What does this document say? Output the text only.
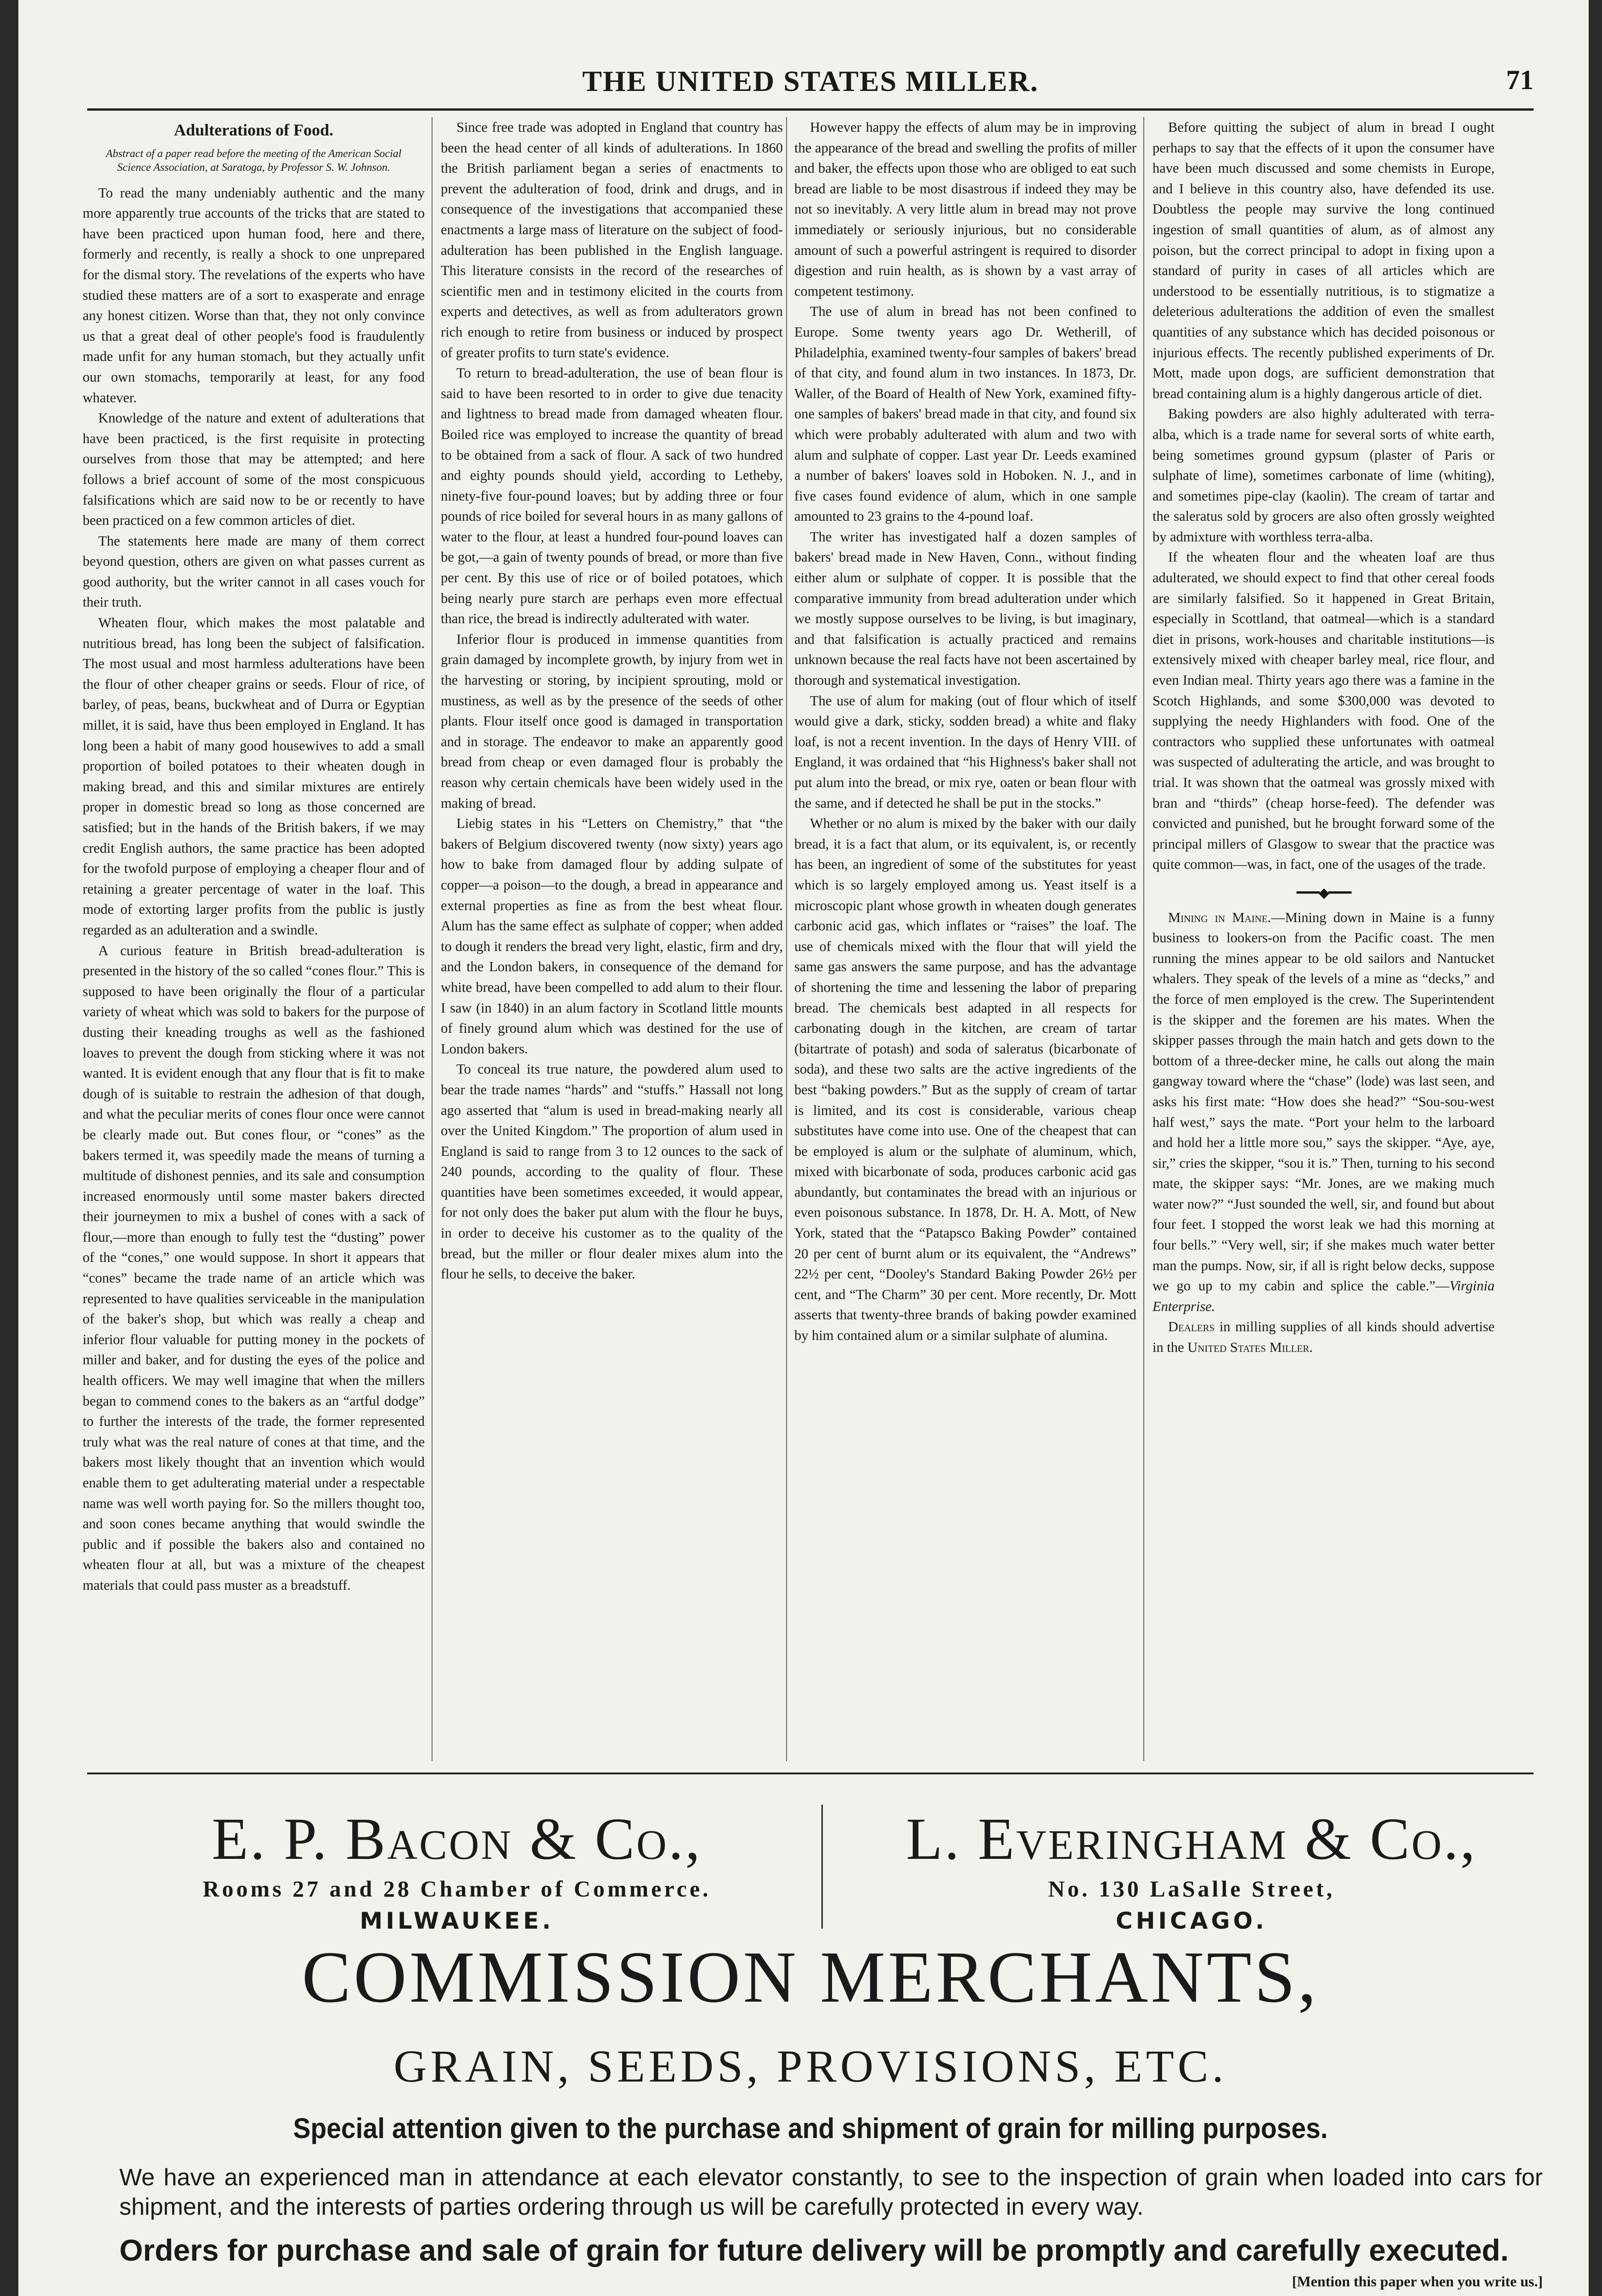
THE UNITED STATES MILLER.	71
Adulterations of Food.
Abstract of a paper read before the meeting of the American Social Science Association, at Saratoga, by Professor S. W. Johnson.

To read the many undeniably authentic and the many more apparently true accounts of the tricks that are stated to have been practiced upon human food, here and there, formerly and recently, is really a shock to one unprepared for the dismal story. The revelations of the experts who have studied these matters are of a sort to exasperate and enrage any honest citizen. Worse than that, they not only convince us that a great deal of other people's food is fraudulently made unfit for any human stomach, but they actually unfit our own stomachs, temporarily at least, for any food whatever.

Knowledge of the nature and extent of adulterations that have been practiced, is the first requisite in protecting ourselves from those that may be attempted; and here follows a brief account of some of the most conspicuous falsifications which are said now to be or recently to have been practiced on a few common articles of diet.

The statements here made are many of them correct beyond question, others are given on what passes current as good authority, but the writer cannot in all cases vouch for their truth.

Wheaten flour, which makes the most palatable and nutritious bread, has long been the subject of falsification. The most usual and most harmless adulterations have been the flour of other cheaper grains or seeds. Flour of rice, of barley, of peas, beans, buckwheat and of Durra or Egyptian millet, it is said, have thus been employed in England. It has long been a habit of many good housewives to add a small proportion of boiled potatoes to their wheaten dough in making bread, and this and similar mixtures are entirely proper in domestic bread so long as those concerned are satisfied; but in the hands of the British bakers, if we may credit English authors, the same practice has been adopted for the twofold purpose of employing a cheaper flour and of retaining a greater percentage of water in the loaf. This mode of extorting larger profits from the public is justly regarded as an adulteration and a swindle.

A curious feature in British bread-adulteration is presented in the history of the so called “cones flour.” This is supposed to have been originally the flour of a particular variety of wheat which was sold to bakers for the purpose of dusting their kneading troughs as well as the fashioned loaves to prevent the dough from sticking where it was not wanted. It is evident enough that any flour that is fit to make dough of is suitable to restrain the adhesion of that dough, and what the peculiar merits of cones flour once were cannot be clearly made out. But cones flour, or “cones” as the bakers termed it, was speedily made the means of turning a multitude of dishonest pennies, and its sale and consumption increased enormously until some master bakers directed their journeymen to mix a bushel of cones with a sack of flour,—more than enough to fully test the “dusting” power of the “cones,” one would suppose. In short it appears that “cones” became the trade name of an article which was represented to have qualities serviceable in the manipulation of the baker's shop, but which was really a cheap and inferior flour valuable for putting money in the pockets of miller and baker, and for dusting the eyes of the police and health officers. We may well imagine that when the millers began to commend cones to the bakers as an “artful dodge” to further the interests of the trade, the former represented truly what was the real nature of cones at that time, and the bakers most likely thought that an invention which would enable them to get adulterating material under a respectable name was well worth paying for. So the millers thought too, and soon cones became anything that would swindle the public and if possible the bakers also and contained no wheaten flour at all, but was a mixture of the cheapest materials that could pass muster as a breadstuff.

Since free trade was adopted in England that country has been the head center of all kinds of adulterations. In 1860 the British parliament began a series of enactments to prevent the adulteration of food, drink and drugs, and in consequence of the investigations that accompanied these enactments a large mass of literature on the subject of food-adulteration has been published in the English language. This literature consists in the record of the researches of scientific men and in testimony elicited in the courts from experts and detectives, as well as from adulterators grown rich enough to retire from business or induced by prospect of greater profits to turn state's evidence.

To return to bread-adulteration, the use of bean flour is said to have been resorted to in order to give due tenacity and lightness to bread made from damaged wheaten flour. Boiled rice was employed to increase the quantity of bread to be obtained from a sack of flour. A sack of two hundred and eighty pounds should yield, according to Letheby, ninety-five four-pound loaves; but by adding three or four pounds of rice boiled for several hours in as many gallons of water to the flour, at least a hundred four-pound loaves can be got,—a gain of twenty pounds of bread, or more than five per cent. By this use of rice or of boiled potatoes, which being nearly pure starch are perhaps even more effectual than rice, the bread is indirectly adulterated with water.

Inferior flour is produced in immense quantities from grain damaged by incomplete growth, by injury from wet in the harvesting or storing, by incipient sprouting, mold or mustiness, as well as by the presence of the seeds of other plants. Flour itself once good is damaged in transportation and in storage. The endeavor to make an apparently good bread from cheap or even damaged flour is probably the reason why certain chemicals have been widely used in the making of bread.

Liebig states in his “Letters on Chemistry,” that “the bakers of Belgium discovered twenty (now sixty) years ago how to bake from damaged flour by adding sulpate of copper—a poison—to the dough, a bread in appearance and external properties as fine as from the best wheat flour. Alum has the same effect as sulphate of copper; when added to dough it renders the bread very light, elastic, firm and dry, and the London bakers, in consequence of the demand for white bread, have been compelled to add alum to their flour. I saw (in 1840) in an alum factory in Scotland little mounts of finely ground alum which was destined for the use of London bakers.

To conceal its true nature, the powdered alum used to bear the trade names “hards” and “stuffs.” Hassall not long ago asserted that “alum is used in bread-making nearly all over the United Kingdom.” The proportion of alum used in England is said to range from 3 to 12 ounces to the sack of 240 pounds, according to the quality of flour. These quantities have been sometimes exceeded, it would appear, for not only does the baker put alum with the flour he buys, in order to deceive his customer as to the quality of the bread, but the miller or flour dealer mixes alum into the flour he sells, to deceive the baker.

However happy the effects of alum may be in improving the appearance of the bread and swelling the profits of miller and baker, the effects upon those who are obliged to eat such bread are liable to be most disastrous if indeed they may be not so inevitably. A very little alum in bread may not prove immediately or seriously injurious, but no considerable amount of such a powerful astringent is required to disorder digestion and ruin health, as is shown by a vast array of competent testimony.

The use of alum in bread has not been confined to Europe. Some twenty years ago Dr. Wetherill, of Philadelphia, examined twenty-four samples of bakers' bread of that city, and found alum in two instances. In 1873, Dr. Waller, of the Board of Health of New York, examined fifty-one samples of bakers' bread made in that city, and found six which were probably adulterated with alum and two with alum and sulphate of copper. Last year Dr. Leeds examined a number of bakers' loaves sold in Hoboken. N. J., and in five cases found evidence of alum, which in one sample amounted to 23 grains to the 4-pound loaf.

The writer has investigated half a dozen samples of bakers' bread made in New Haven, Conn., without finding either alum or sulphate of copper. It is possible that the comparative immunity from bread adulteration under which we mostly suppose ourselves to be living, is but imaginary, and that falsification is actually practiced and remains unknown because the real facts have not been ascertained by thorough and systematical investigation.

The use of alum for making (out of flour which of itself would give a dark, sticky, sodden bread) a white and flaky loaf, is not a recent invention. In the days of Henry VIII. of England, it was ordained that “his Highness's baker shall not put alum into the bread, or mix rye, oaten or bean flour with the same, and if detected he shall be put in the stocks.”

Whether or no alum is mixed by the baker with our daily bread, it is a fact that alum, or its equivalent, is, or recently has been, an ingredient of some of the substitutes for yeast which is so largely employed among us. Yeast itself is a microscopic plant whose growth in wheaten dough generates carbonic acid gas, which inflates or “raises” the loaf. The use of chemicals mixed with the flour that will yield the same gas answers the same purpose, and has the advantage of shortening the time and lessening the labor of preparing bread. The chemicals best adapted in all respects for carbonating dough in the kitchen, are cream of tartar (bitartrate of potash) and soda of saleratus (bicarbonate of soda), and these two salts are the active ingredients of the best “baking powders.” But as the supply of cream of tartar is limited, and its cost is considerable, various cheap substitutes have come into use. One of the cheapest that can be employed is alum or the sulphate of aluminum, which, mixed with bicarbonate of soda, produces carbonic acid gas abundantly, but contaminates the bread with an injurious or even poisonous substance. In 1878, Dr. H. A. Mott, of New York, stated that the “Patapsco Baking Powder” contained 20 per cent of burnt alum or its equivalent, the “Andrews” 22½ per cent, “Dooley's Standard Baking Powder 26½ per cent, and “The Charm” 30 per cent. More recently, Dr. Mott asserts that twenty-three brands of baking powder examined by him contained alum or a similar sulphate of alumina.

Before quitting the subject of alum in bread I ought perhaps to say that the effects of it upon the consumer have have been much discussed and some chemists in Europe, and I believe in this country also, have defended its use. Doubtless the people may survive the long continued ingestion of small quantities of alum, as of almost any poison, but the correct principal to adopt in fixing upon a standard of purity in cases of all articles which are understood to be essentially nutritious, is to stigmatize a deleterious adulterations the addition of even the smallest quantities of any substance which has decided poisonous or injurious effects. The recently published experiments of Dr. Mott, made upon dogs, are sufficient demonstration that bread containing alum is a highly dangerous article of diet.

Baking powders are also highly adulterated with terra-alba, which is a trade name for several sorts of white earth, being sometimes ground gypsum (plaster of Paris or sulphate of lime), sometimes carbonate of lime (whiting), and sometimes pipe-clay (kaolin). The cream of tartar and the saleratus sold by grocers are also often grossly weighted by admixture with worthless terra-alba.

If the wheaten flour and the wheaten loaf are thus adulterated, we should expect to find that other cereal foods are similarly falsified. So it happened in Great Britain, especially in Scottland, that oatmeal—which is a standard diet in prisons, work-houses and charitable institutions—is extensively mixed with cheaper barley meal, rice flour, and even Indian meal. Thirty years ago there was a famine in the Scotch Highlands, and some $300,000 was devoted to supplying the needy Highlanders with food. One of the contractors who supplied these unfortunates with oatmeal was suspected of adulterating the article, and was brought to trial. It was shown that the oatmeal was grossly mixed with bran and “thirds” (cheap horse-feed). The defender was convicted and punished, but he brought forward some of the principal millers of Glasgow to swear that the practice was quite common—was, in fact, one of the usages of the trade.

━━━◆━━━

Mining in Maine.—Mining down in Maine is a funny business to lookers-on from the Pacific coast. The men running the mines appear to be old sailors and Nantucket whalers. They speak of the levels of a mine as “decks,” and the force of men employed is the crew. The Superintendent is the skipper and the foremen are his mates. When the skipper passes through the main hatch and gets down to the bottom of a three-decker mine, he calls out along the main gangway toward where the “chase” (lode) was last seen, and asks his first mate: “How does she head?” “Sou-sou-west half west,” says the mate. “Port your helm to the larboard and hold her a little more sou,” says the skipper. “Aye, aye, sir,” cries the skipper, “sou it is.” Then, turning to his second mate, the skipper says: “Mr. Jones, are we making much water now?” “Just sounded the well, sir, and found but about four feet. I stopped the worst leak we had this morning at four bells.” “Very well, sir; if she makes much water better man the pumps. Now, sir, if all is right below decks, suppose we go up to my cabin and splice the cable.”—Virginia Enterprise.

Dealers in milling supplies of all kinds should advertise in the United States Miller.

E. P. Bacon & Co.,
Rooms 27 and 28 Chamber of Commerce.
MILWAUKEE.
L. Everingham & Co.,
No. 130 LaSalle Street,
CHICAGO.
COMMISSION MERCHANTS,
GRAIN, SEEDS, PROVISIONS, ETC.
Special attention given to the purchase and shipment of grain for milling purposes.
We have an experienced man in attendance at each elevator constantly, to see to the inspection of grain when loaded into cars for shipment, and the interests of parties ordering through us will be carefully protected in every way.
Orders for purchase and sale of grain for future delivery will be promptly and carefully executed.
[Mention this paper when you write us.]
